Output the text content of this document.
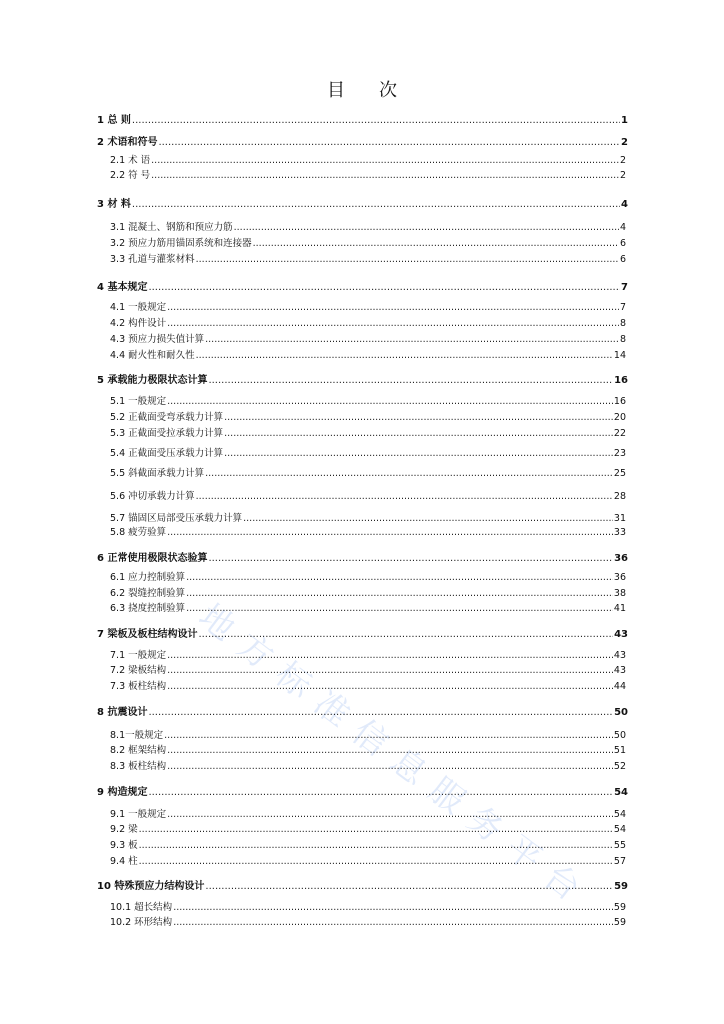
目 次
地方标准信息服务平台
1 总 则 .....	1
2 术语和符号 .....	2
2.1 术 语 .....	2
2.2 符 号 .....	2
3 材 料 .....	4
3.1 混凝土、钢筋和预应力筋 .....	4
3.2 预应力筋用锚固系统和连接器 .....	6
3.3 孔道与灌浆材料 .....	6
4 基本规定 .....	7
4.1 一般规定 .....	7
4.2 构件设计 .....	8
4.3 预应力损失值计算 .....	8
4.4 耐火性和耐久性 .....	14
5 承载能力极限状态计算 .....	16
5.1 一般规定 .....	16
5.2 正截面受弯承载力计算 .....	20
5.3 正截面受拉承载力计算 .....	22
5.4 正截面受压承载力计算 .....	23
5.5 斜截面承载力计算 .....	25
5.6 冲切承载力计算 .....	28
5.7 锚固区局部受压承载力计算 .....	31
5.8 疲劳验算 .....	33
6 正常使用极限状态验算 .....	36
6.1 应力控制验算 .....	36
6.2 裂缝控制验算 .....	38
6.3 挠度控制验算 .....	41
7 梁板及板柱结构设计 .....	43
7.1 一般规定 .....	43
7.2 梁板结构 .....	43
7.3 板柱结构 .....	44
8 抗震设计 .....	50
8.1一般规定 .....	50
8.2 框架结构 .....	51
8.3 板柱结构 .....	52
9 构造规定 .....	54
9.1 一般规定 .....	54
9.2 梁 .....	54
9.3 板 .....	55
9.4 柱 .....	57
10 特殊预应力结构设计 .....	59
10.1 超长结构 .....	59
10.2 环形结构 .....	59
